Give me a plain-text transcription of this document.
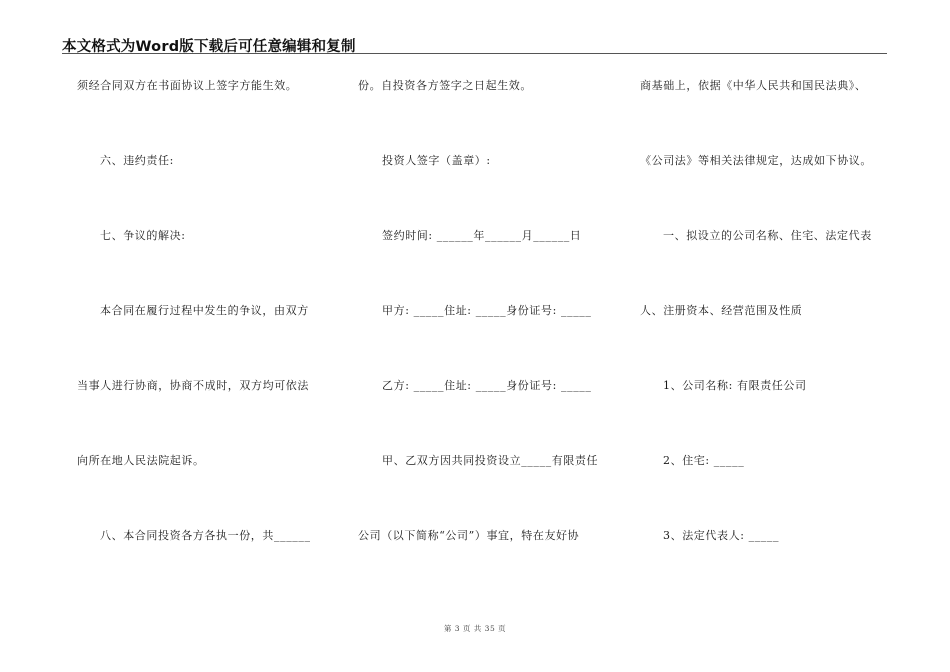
本文格式为Word版下载后可任意编辑和复制
须经合同双方在书面协议上签字方能生效。
六、违约责任:
七、争议的解决:
本合同在履行过程中发生的争议，由双方
当事人进行协商，协商不成时，双方均可依法
向所在地人民法院起诉。
八、本合同投资各方各执一份，共______
份。自投资各方签字之日起生效。
投资人签字（盖章）:
签约时间: ______年______月______日
甲方: _____住址: _____身份证号: _____
乙方: _____住址: _____身份证号: _____
甲、乙双方因共同投资设立_____有限责任
公司（以下简称“公司”）事宜，特在友好协
商基础上，依据《中华人民共和国民法典》、
《公司法》等相关法律规定，达成如下协议。
一、拟设立的公司名称、住宅、法定代表
人、注册资本、经营范围及性质
1、公司名称: 有限责任公司
2、住宅: _____
3、法定代表人: _____
第 3 页 共 35 页
